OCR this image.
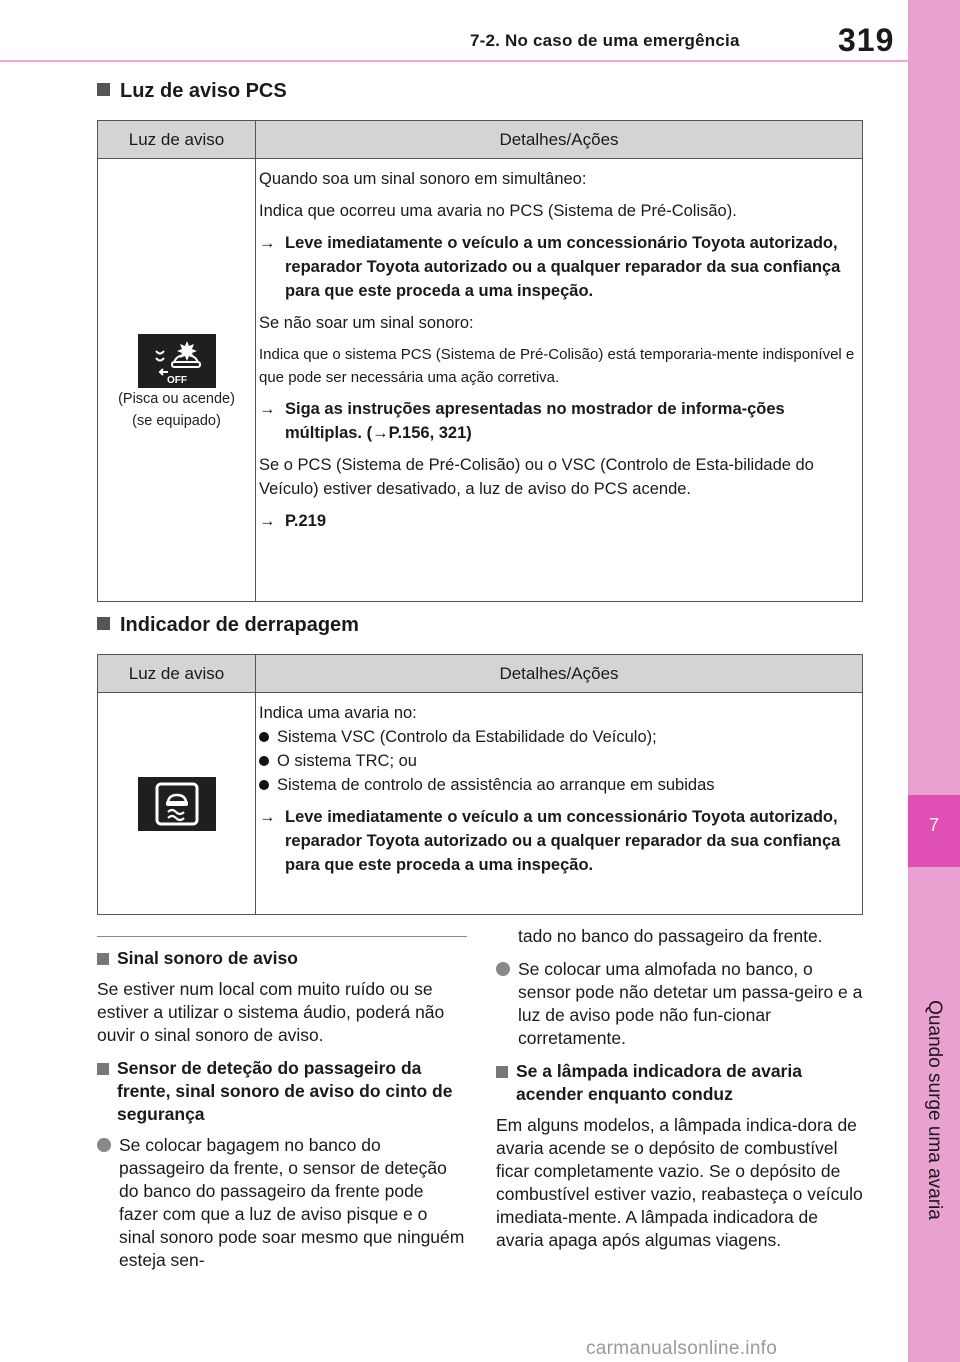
7-2. No caso de uma emergência	319
7
Quando surge uma avaria
Luz de aviso PCS
Luz de aviso	Detalhes/Ações
OFF
(Pisca ou acende)
(se equipado)
Quando soa um sinal sonoro em simultâneo:
Indica que ocorreu uma avaria no PCS (Sistema de Pré-Colisão).
→ Leve imediatamente o veículo a um concessionário Toyota autorizado, reparador Toyota autorizado ou a qualquer reparador da sua confiança para que este proceda a uma inspeção.
Se não soar um sinal sonoro:
Indica que o sistema PCS (Sistema de Pré-Colisão) está temporaria-mente indisponível e que pode ser necessária uma ação corretiva.
→ Siga as instruções apresentadas no mostrador de informa-ções múltiplas. (→P.156, 321)
Se o PCS (Sistema de Pré-Colisão) ou o VSC (Controlo de Esta-bilidade do Veículo) estiver desativado, a luz de aviso do PCS acende.
→ P.219
Indicador de derrapagem
Luz de aviso	Detalhes/Ações
Indica uma avaria no:
Sistema VSC (Controlo da Estabilidade do Veículo);
O sistema TRC; ou
Sistema de controlo de assistência ao arranque em subidas
→ Leve imediatamente o veículo a um concessionário Toyota autorizado, reparador Toyota autorizado ou a qualquer reparador da sua confiança para que este proceda a uma inspeção.
Sinal sonoro de aviso
Se estiver num local com muito ruído ou se estiver a utilizar o sistema áudio, poderá não ouvir o sinal sonoro de aviso.
Sensor de deteção do passageiro da frente, sinal sonoro de aviso do cinto de segurança
Se colocar bagagem no banco do passageiro da frente, o sensor de deteção do banco do passageiro da frente pode fazer com que a luz de aviso pisque e o sinal sonoro pode soar mesmo que ninguém esteja sen-
tado no banco do passageiro da frente.
Se colocar uma almofada no banco, o sensor pode não detetar um passa-geiro e a luz de aviso pode não fun-cionar corretamente.
Se a lâmpada indicadora de avaria acender enquanto conduz
Em alguns modelos, a lâmpada indica-dora de avaria acende se o depósito de combustível ficar completamente vazio. Se o depósito de combustível estiver vazio, reabasteça o veículo imediata-mente. A lâmpada indicadora de avaria apaga após algumas viagens.
carmanualsonline.info
